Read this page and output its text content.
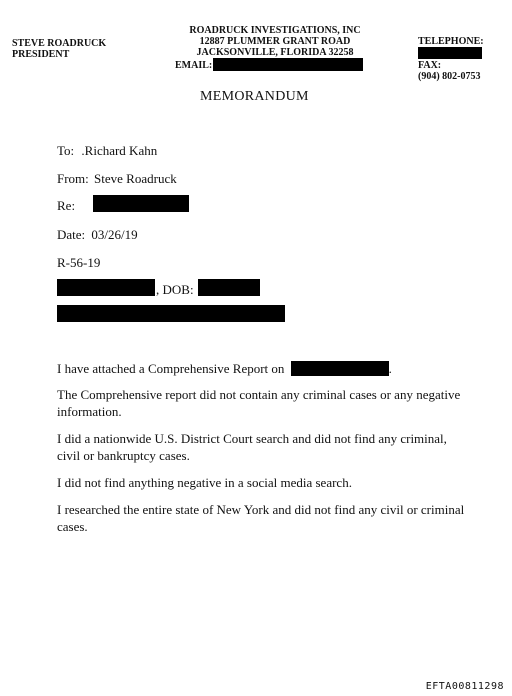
STEVE ROADRUCK
PRESIDENT
ROADRUCK INVESTIGATIONS, INC
12887 PLUMMER GRANT ROAD
JACKSONVILLE, FLORIDA 32258
EMAIL:
TELEPHONE:
FAX:
(904) 802-0753
MEMORANDUM
To: .Richard Kahn
From: Steve Roadruck
Re:
Date: 03/26/19
R-56-19
, DOB:
I have attached a Comprehensive Report on	.
The Comprehensive report did not contain any criminal cases or any negative information.
I did a nationwide U.S. District Court search and did not find any criminal, civil or bankruptcy cases.
I did not find anything negative in a social media search.
I researched the entire state of New York and did not find any civil or criminal cases.
EFTA00811298
